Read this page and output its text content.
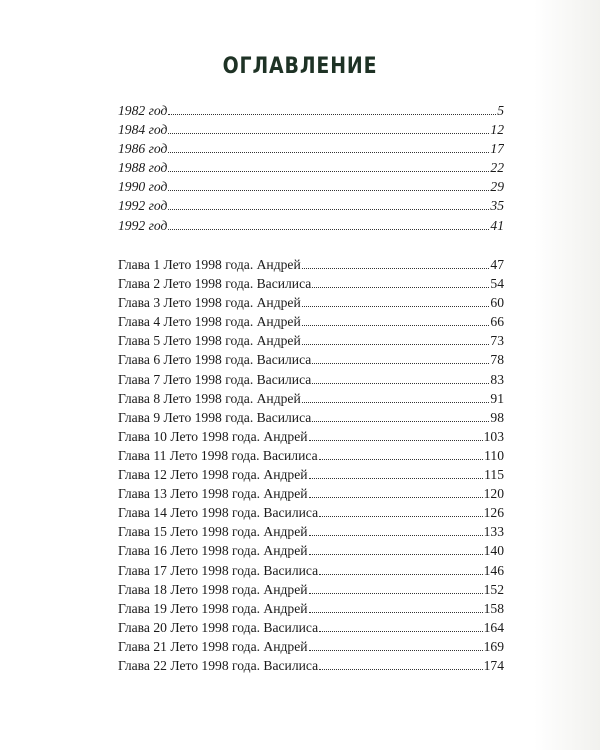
ОГЛАВЛЕНИЕ
1982 год	5
1984 год	12
1986 год	17
1988 год	22
1990 год	29
1992 год	35
1992 год	41
Глава 1 Лето 1998 года. Андрей	47
Глава 2 Лето 1998 года. Василиса	54
Глава 3 Лето 1998 года. Андрей	60
Глава 4 Лето 1998 года. Андрей	66
Глава 5 Лето 1998 года. Андрей	73
Глава 6 Лето 1998 года. Василиса	78
Глава 7 Лето 1998 года. Василиса	83
Глава 8 Лето 1998 года. Андрей	91
Глава 9 Лето 1998 года. Василиса	98
Глава 10 Лето 1998 года. Андрей	103
Глава 11 Лето 1998 года. Василиса	110
Глава 12 Лето 1998 года. Андрей	115
Глава 13 Лето 1998 года. Андрей	120
Глава 14 Лето 1998 года. Василиса	126
Глава 15 Лето 1998 года. Андрей	133
Глава 16 Лето 1998 года. Андрей	140
Глава 17 Лето 1998 года. Василиса	146
Глава 18 Лето 1998 года. Андрей	152
Глава 19 Лето 1998 года. Андрей	158
Глава 20 Лето 1998 года. Василиса	164
Глава 21 Лето 1998 года. Андрей	169
Глава 22 Лето 1998 года. Василиса	174
